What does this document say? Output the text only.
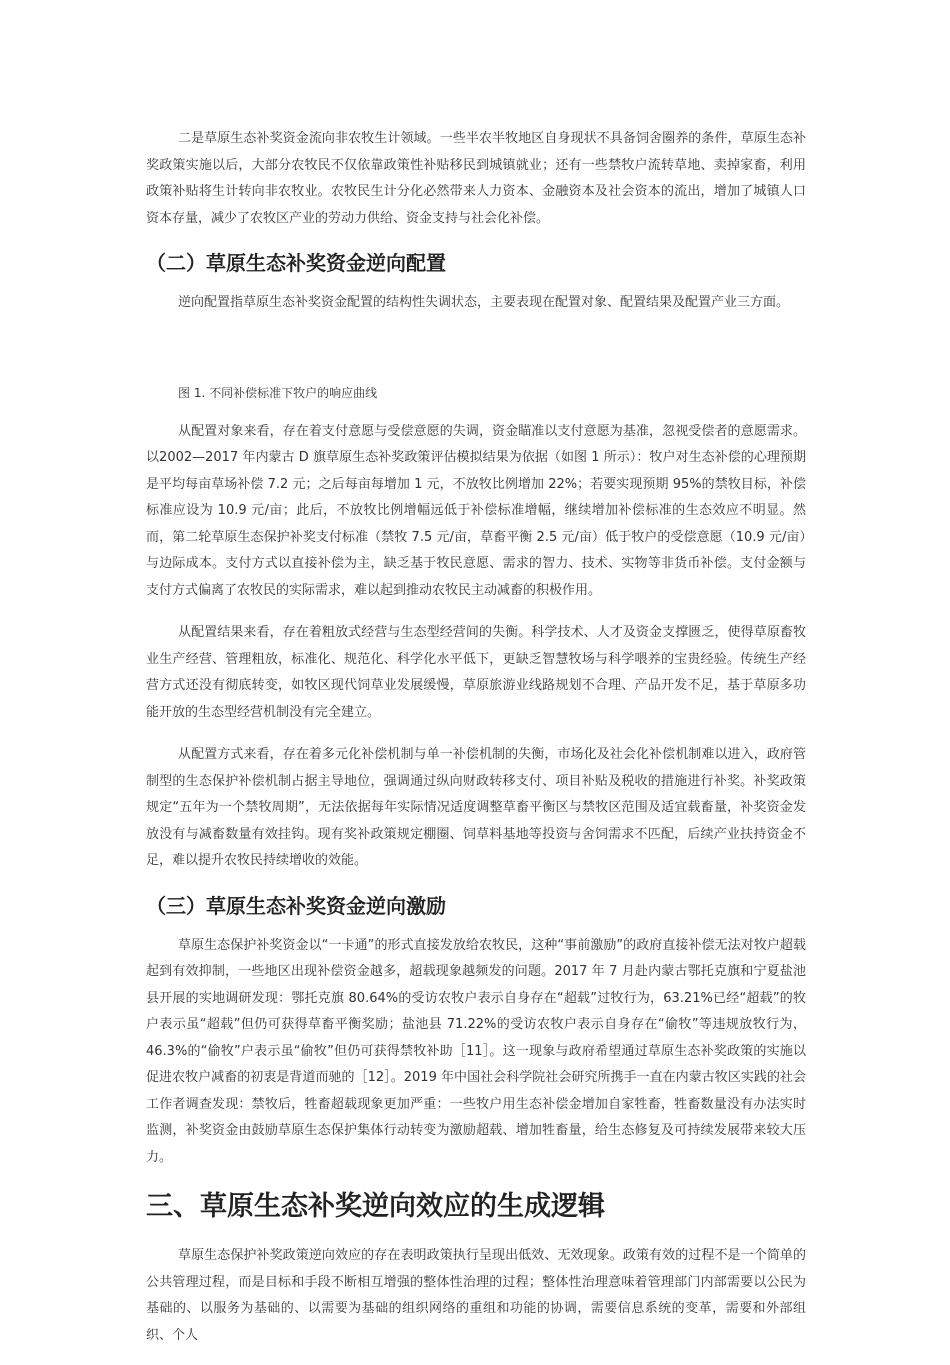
二是草原生态补奖资金流向非农牧生计领域。一些半农半牧地区自身现状不具备饲舍圈养的条件，草原生态补奖政策实施以后，大部分农牧民不仅依靠政策性补贴移民到城镇就业；还有一些禁牧户流转草地、卖掉家畜，利用政策补贴将生计转向非农牧业。农牧民生计分化必然带来人力资本、金融资本及社会资本的流出，增加了城镇人口资本存量，减少了农牧区产业的劳动力供给、资金支持与社会化补偿。

（二）草原生态补奖资金逆向配置

逆向配置指草原生态补奖资金配置的结构性失调状态，主要表现在配置对象、配置结果及配置产业三方面。

图 1. 不同补偿标准下牧户的响应曲线

从配置对象来看，存在着支付意愿与受偿意愿的失调，资金瞄准以支付意愿为基准，忽视受偿者的意愿需求。以2002—2017 年内蒙古 D 旗草原生态补奖政策评估模拟结果为依据（如图 1 所示）：牧户对生态补偿的心理预期是平均每亩草场补偿 7.2 元；之后每亩每增加 1 元，不放牧比例增加 22%；若要实现预期 95%的禁牧目标，补偿标准应设为 10.9 元/亩；此后，不放牧比例增幅远低于补偿标准增幅，继续增加补偿标准的生态效应不明显。然而，第二轮草原生态保护补奖支付标准（禁牧 7.5 元/亩，草畜平衡 2.5 元/亩）低于牧户的受偿意愿（10.9 元/亩）与边际成本。支付方式以直接补偿为主，缺乏基于牧民意愿、需求的智力、技术、实物等非货币补偿。支付金额与支付方式偏离了农牧民的实际需求，难以起到推动农牧民主动减畜的积极作用。

从配置结果来看，存在着粗放式经营与生态型经营间的失衡。科学技术、人才及资金支撑匮乏，使得草原畜牧业生产经营、管理粗放，标准化、规范化、科学化水平低下，更缺乏智慧牧场与科学喂养的宝贵经验。传统生产经营方式还没有彻底转变，如牧区现代饲草业发展缓慢，草原旅游业线路规划不合理、产品开发不足，基于草原多功能开放的生态型经营机制没有完全建立。

从配置方式来看，存在着多元化补偿机制与单一补偿机制的失衡，市场化及社会化补偿机制难以进入，政府管制型的生态保护补偿机制占据主导地位，强调通过纵向财政转移支付、项目补贴及税收的措施进行补奖。补奖政策规定“五年为一个禁牧周期”，无法依据每年实际情况适度调整草畜平衡区与禁牧区范围及适宜载畜量，补奖资金发放没有与减畜数量有效挂钩。现有奖补政策规定棚圈、饲草料基地等投资与舍饲需求不匹配，后续产业扶持资金不足，难以提升农牧民持续增收的效能。

（三）草原生态补奖资金逆向激励

草原生态保护补奖资金以“一卡通”的形式直接发放给农牧民，这种“事前激励”的政府直接补偿无法对牧户超载起到有效抑制，一些地区出现补偿资金越多，超载现象越频发的问题。2017 年 7 月赴内蒙古鄂托克旗和宁夏盐池县开展的实地调研发现：鄂托克旗 80.64%的受访农牧户表示自身存在“超载”过牧行为，63.21%已经“超载”的牧户表示虽“超载”但仍可获得草畜平衡奖励；盐池县 71.22%的受访农牧户表示自身存在“偷牧”等违规放牧行为，46.3%的“偷牧”户表示虽“偷牧”但仍可获得禁牧补助［11］。这一现象与政府希望通过草原生态补奖政策的实施以促进农牧户减畜的初衷是背道而驰的［12］。2019 年中国社会科学院社会研究所携手一直在内蒙古牧区实践的社会工作者调查发现：禁牧后，牲畜超载现象更加严重：一些牧户用生态补偿金增加自家牲畜，牲畜数量没有办法实时监测，补奖资金由鼓励草原生态保护集体行动转变为激励超载、增加牲畜量，给生态修复及可持续发展带来较大压力。

三、草原生态补奖逆向效应的生成逻辑

草原生态保护补奖政策逆向效应的存在表明政策执行呈现出低效、无效现象。政策有效的过程不是一个简单的公共管理过程，而是目标和手段不断相互增强的整体性治理的过程；整体性治理意味着管理部门内部需要以公民为基础的、以服务为基础的、以需要为基础的组织网络的重组和功能的协调，需要信息系统的变革，需要和外部组织、个人
